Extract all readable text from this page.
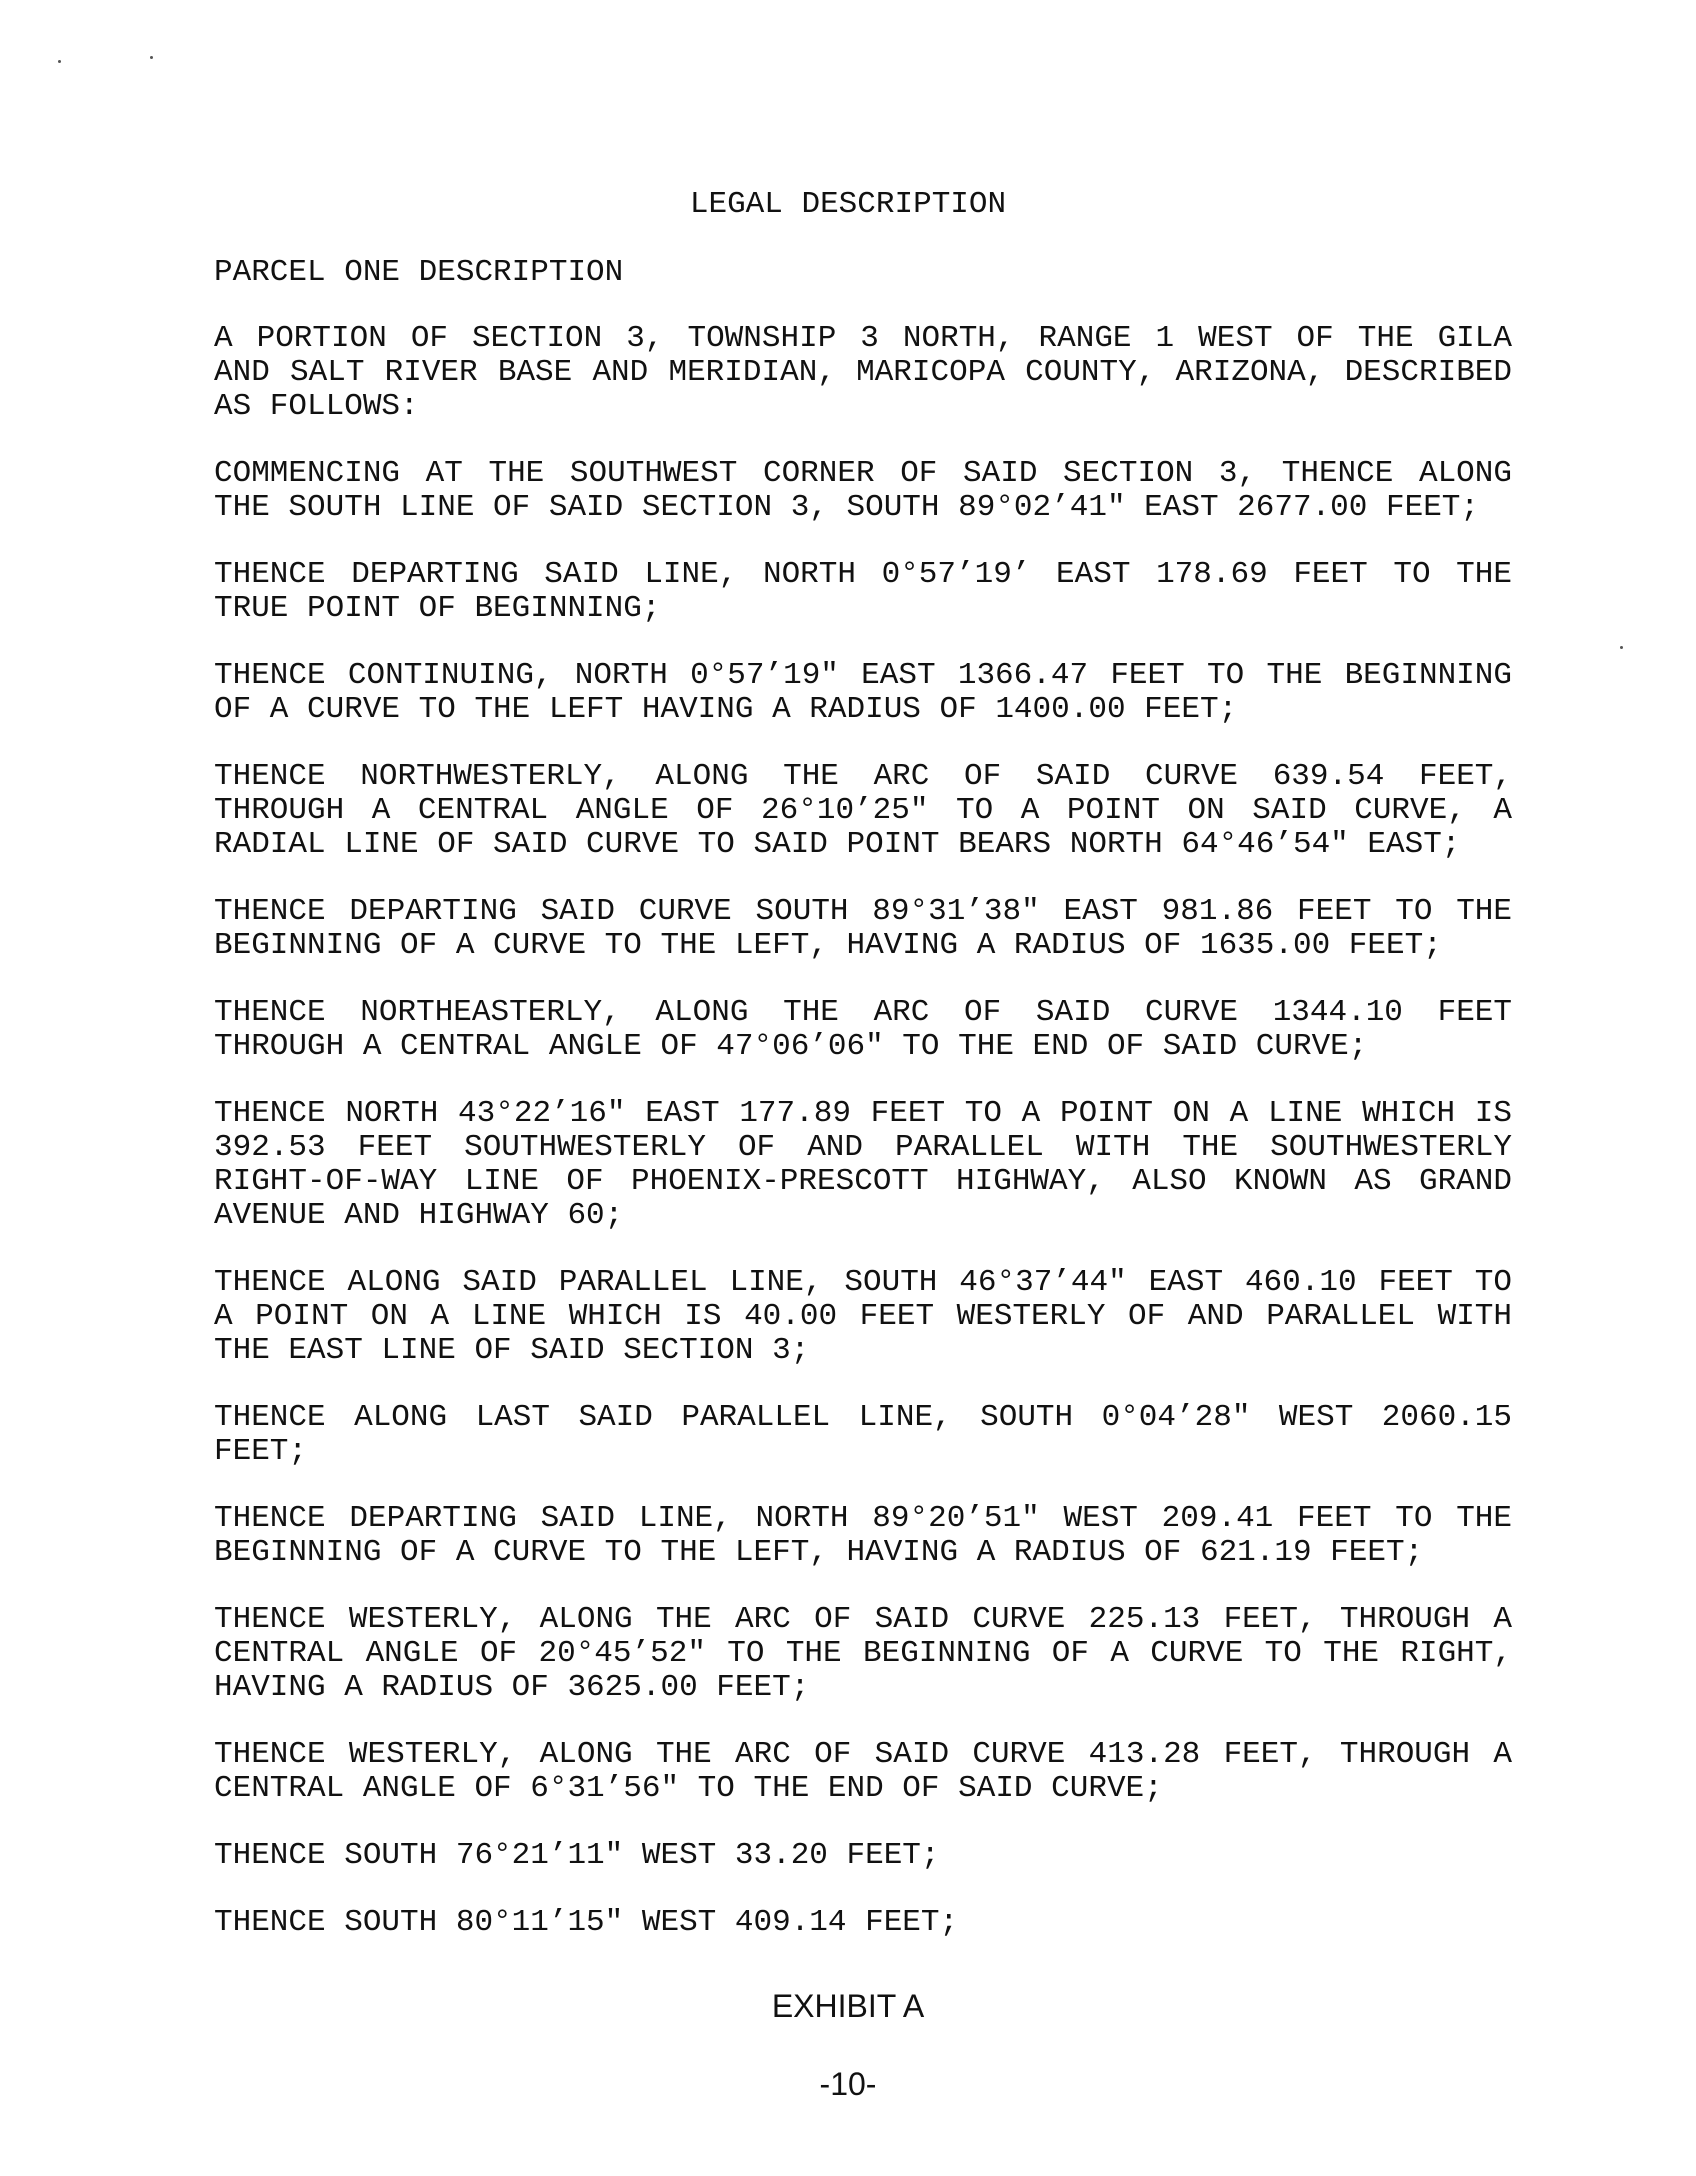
LEGAL DESCRIPTION
PARCEL ONE DESCRIPTION

A PORTION OF SECTION 3, TOWNSHIP 3 NORTH, RANGE 1 WEST OF THE GILA AND SALT RIVER BASE AND MERIDIAN, MARICOPA COUNTY, ARIZONA, DESCRIBED AS FOLLOWS:

COMMENCING AT THE SOUTHWEST CORNER OF SAID SECTION 3, THENCE ALONG THE SOUTH LINE OF SAID SECTION 3, SOUTH 89°02’41" EAST 2677.00 FEET;

THENCE DEPARTING SAID LINE, NORTH 0°57’19’ EAST 178.69 FEET TO THE TRUE POINT OF BEGINNING;

THENCE CONTINUING, NORTH 0°57’19" EAST 1366.47 FEET TO THE BEGINNING OF A CURVE TO THE LEFT HAVING A RADIUS OF 1400.00 FEET;

THENCE NORTHWESTERLY, ALONG THE ARC OF SAID CURVE 639.54 FEET, THROUGH A CENTRAL ANGLE OF 26°10’25" TO A POINT ON SAID CURVE, A RADIAL LINE OF SAID CURVE TO SAID POINT BEARS NORTH 64°46’54" EAST;

THENCE DEPARTING SAID CURVE SOUTH 89°31’38" EAST 981.86 FEET TO THE BEGINNING OF A CURVE TO THE LEFT, HAVING A RADIUS OF 1635.00 FEET;

THENCE NORTHEASTERLY, ALONG THE ARC OF SAID CURVE 1344.10 FEET THROUGH A CENTRAL ANGLE OF 47°06’06" TO THE END OF SAID CURVE;

THENCE NORTH 43°22’16" EAST 177.89 FEET TO A POINT ON A LINE WHICH IS 392.53 FEET SOUTHWESTERLY OF AND PARALLEL WITH THE SOUTHWESTERLY RIGHT-OF-WAY LINE OF PHOENIX-PRESCOTT HIGHWAY, ALSO KNOWN AS GRAND AVENUE AND HIGHWAY 60;

THENCE ALONG SAID PARALLEL LINE, SOUTH 46°37’44" EAST 460.10 FEET TO A POINT ON A LINE WHICH IS 40.00 FEET WESTERLY OF AND PARALLEL WITH THE EAST LINE OF SAID SECTION 3;

THENCE ALONG LAST SAID PARALLEL LINE, SOUTH 0°04’28" WEST 2060.15 FEET;

THENCE DEPARTING SAID LINE, NORTH 89°20’51" WEST 209.41 FEET TO THE BEGINNING OF A CURVE TO THE LEFT, HAVING A RADIUS OF 621.19 FEET;

THENCE WESTERLY, ALONG THE ARC OF SAID CURVE 225.13 FEET, THROUGH A CENTRAL ANGLE OF 20°45’52" TO THE BEGINNING OF A CURVE TO THE RIGHT, HAVING A RADIUS OF 3625.00 FEET;

THENCE WESTERLY, ALONG THE ARC OF SAID CURVE 413.28 FEET, THROUGH A CENTRAL ANGLE OF 6°31’56" TO THE END OF SAID CURVE;

THENCE SOUTH 76°21’11" WEST 33.20 FEET;

THENCE SOUTH 80°11’15" WEST 409.14 FEET;

EXHIBIT A
-10-
